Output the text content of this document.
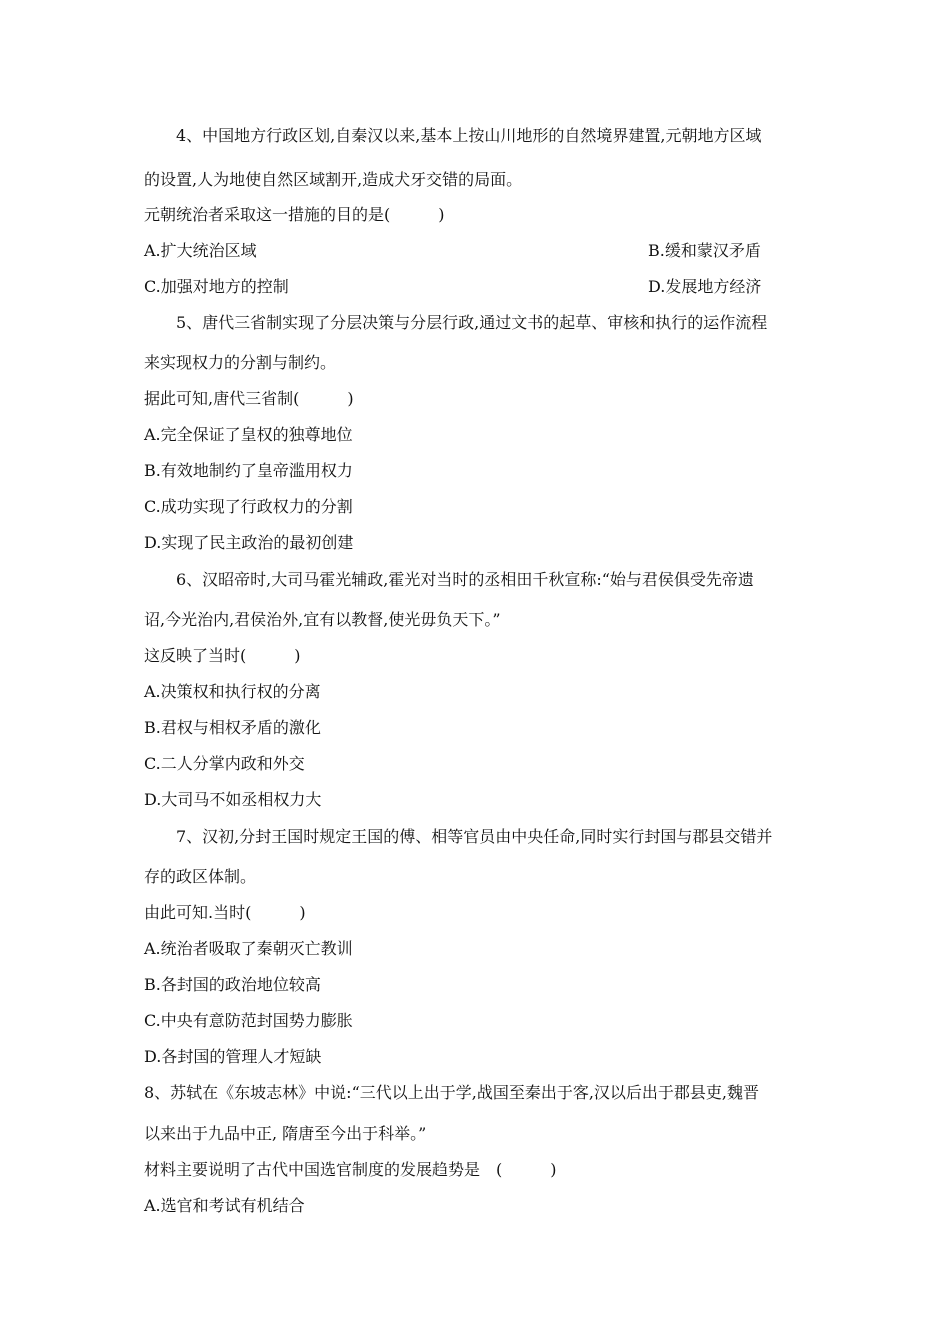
4、中国地方行政区划,自秦汉以来,基本上按山川地形的自然境界建置,元朝地方区域
的设置,人为地使自然区域割开,造成犬牙交错的局面。
元朝统治者采取这一措施的目的是(　　　)
A.扩大统治区域	B.缓和蒙汉矛盾
C.加强对地方的控制	D.发展地方经济
5、唐代三省制实现了分层决策与分层行政,通过文书的起草、审核和执行的运作流程
来实现权力的分割与制约。
据此可知,唐代三省制(　　　)
A.完全保证了皇权的独尊地位
B.有效地制约了皇帝滥用权力
C.成功实现了行政权力的分割
D.实现了民主政治的最初创建
6、汉昭帝时,大司马霍光辅政,霍光对当时的丞相田千秋宣称:“始与君侯俱受先帝遗
诏,今光治内,君侯治外,宜有以教督,使光毋负天下。”
这反映了当时(　　　)
A.决策权和执行权的分离
B.君权与相权矛盾的激化
C.二人分掌内政和外交
D.大司马不如丞相权力大
7、汉初,分封王国时规定王国的傅、相等官员由中央任命,同时实行封国与郡县交错并
存的政区体制。
由此可知.当时(　　　)
A.统治者吸取了秦朝灭亡教训
B.各封国的政治地位较高
C.中央有意防范封国势力膨胀
D.各封国的管理人才短缺
8、苏轼在《东坡志林》中说:“三代以上出于学,战国至秦出于客,汉以后出于郡县吏,魏晋
以来出于九品中正, 隋唐至今出于科举。”
材料主要说明了古代中国选官制度的发展趋势是　(　　　)
A.选官和考试有机结合
